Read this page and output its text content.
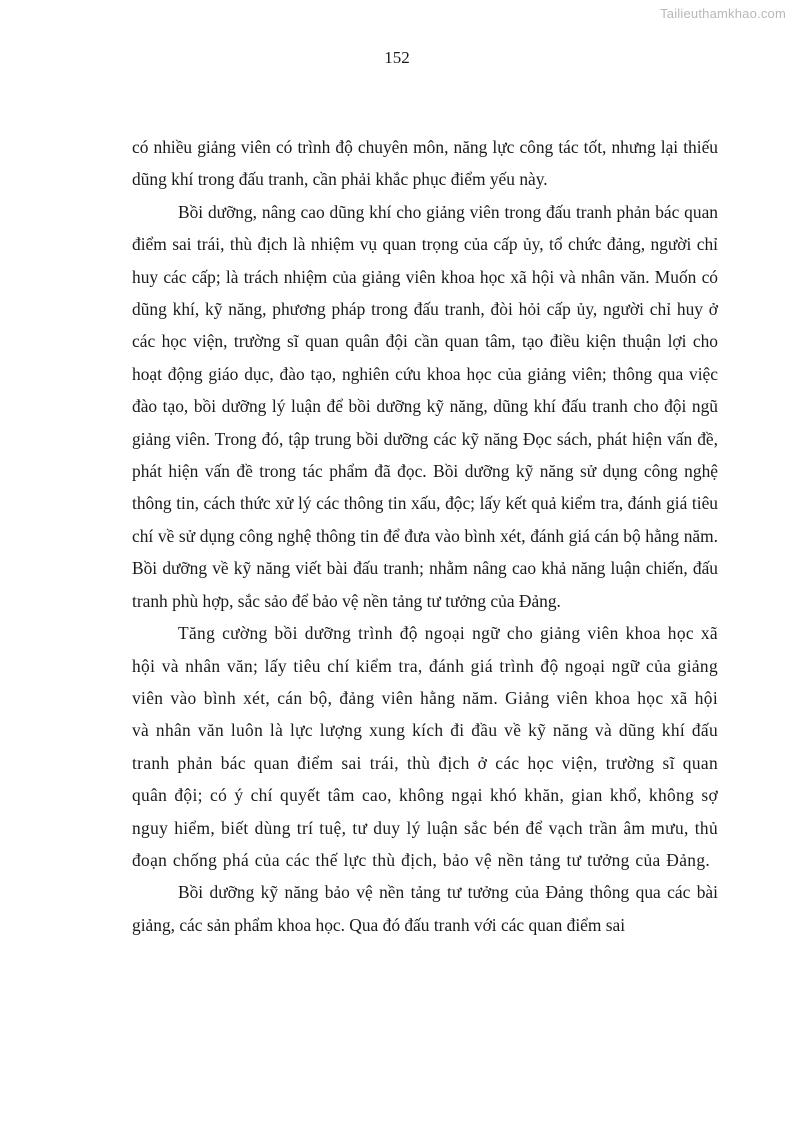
Tailieuthamkhao.com
152

có nhiều giảng viên có trình độ chuyên môn, năng lực công tác tốt, nhưng lại thiếu dũng khí trong đấu tranh, cần phải khắc phục điểm yếu này.

Bồi dưỡng, nâng cao dũng khí cho giảng viên trong đấu tranh phản bác quan điểm sai trái, thù địch là nhiệm vụ quan trọng của cấp ủy, tổ chức đảng, người chỉ huy các cấp; là trách nhiệm của giảng viên khoa học xã hội và nhân văn. Muốn có dũng khí, kỹ năng, phương pháp trong đấu tranh, đòi hỏi cấp ủy, người chỉ huy ở các học viện, trường sĩ quan quân đội cần quan tâm, tạo điều kiện thuận lợi cho hoạt động giáo dục, đào tạo, nghiên cứu khoa học của giảng viên; thông qua việc đào tạo, bồi dưỡng lý luận để bồi dưỡng kỹ năng, dũng khí đấu tranh cho đội ngũ giảng viên. Trong đó, tập trung bồi dưỡng các kỹ năng Đọc sách, phát hiện vấn đề, phát hiện vấn đề trong tác phẩm đã đọc. Bồi dưỡng kỹ năng sử dụng công nghệ thông tin, cách thức xử lý các thông tin xấu, độc; lấy kết quả kiểm tra, đánh giá tiêu chí về sử dụng công nghệ thông tin để đưa vào bình xét, đánh giá cán bộ hằng năm. Bồi dưỡng về kỹ năng viết bài đấu tranh; nhằm nâng cao khả năng luận chiến, đấu tranh phù hợp, sắc sảo để bảo vệ nền tảng tư tưởng của Đảng.

Tăng cường bồi dưỡng trình độ ngoại ngữ cho giảng viên khoa học xã hội và nhân văn; lấy tiêu chí kiểm tra, đánh giá trình độ ngoại ngữ của giảng viên vào bình xét, cán bộ, đảng viên hằng năm. Giảng viên khoa học xã hội và nhân văn luôn là lực lượng xung kích đi đầu về kỹ năng và dũng khí đấu tranh phản bác quan điểm sai trái, thù địch ở các học viện, trường sĩ quan quân đội; có ý chí quyết tâm cao, không ngại khó khăn, gian khổ, không sợ nguy hiểm, biết dùng trí tuệ, tư duy lý luận sắc bén để vạch trần âm mưu, thủ đoạn chống phá của các thế lực thù địch, bảo vệ nền tảng tư tưởng của Đảng.

Bồi dưỡng kỹ năng bảo vệ nền tảng tư tưởng của Đảng thông qua các bài giảng, các sản phẩm khoa học. Qua đó đấu tranh với các quan điểm sai
